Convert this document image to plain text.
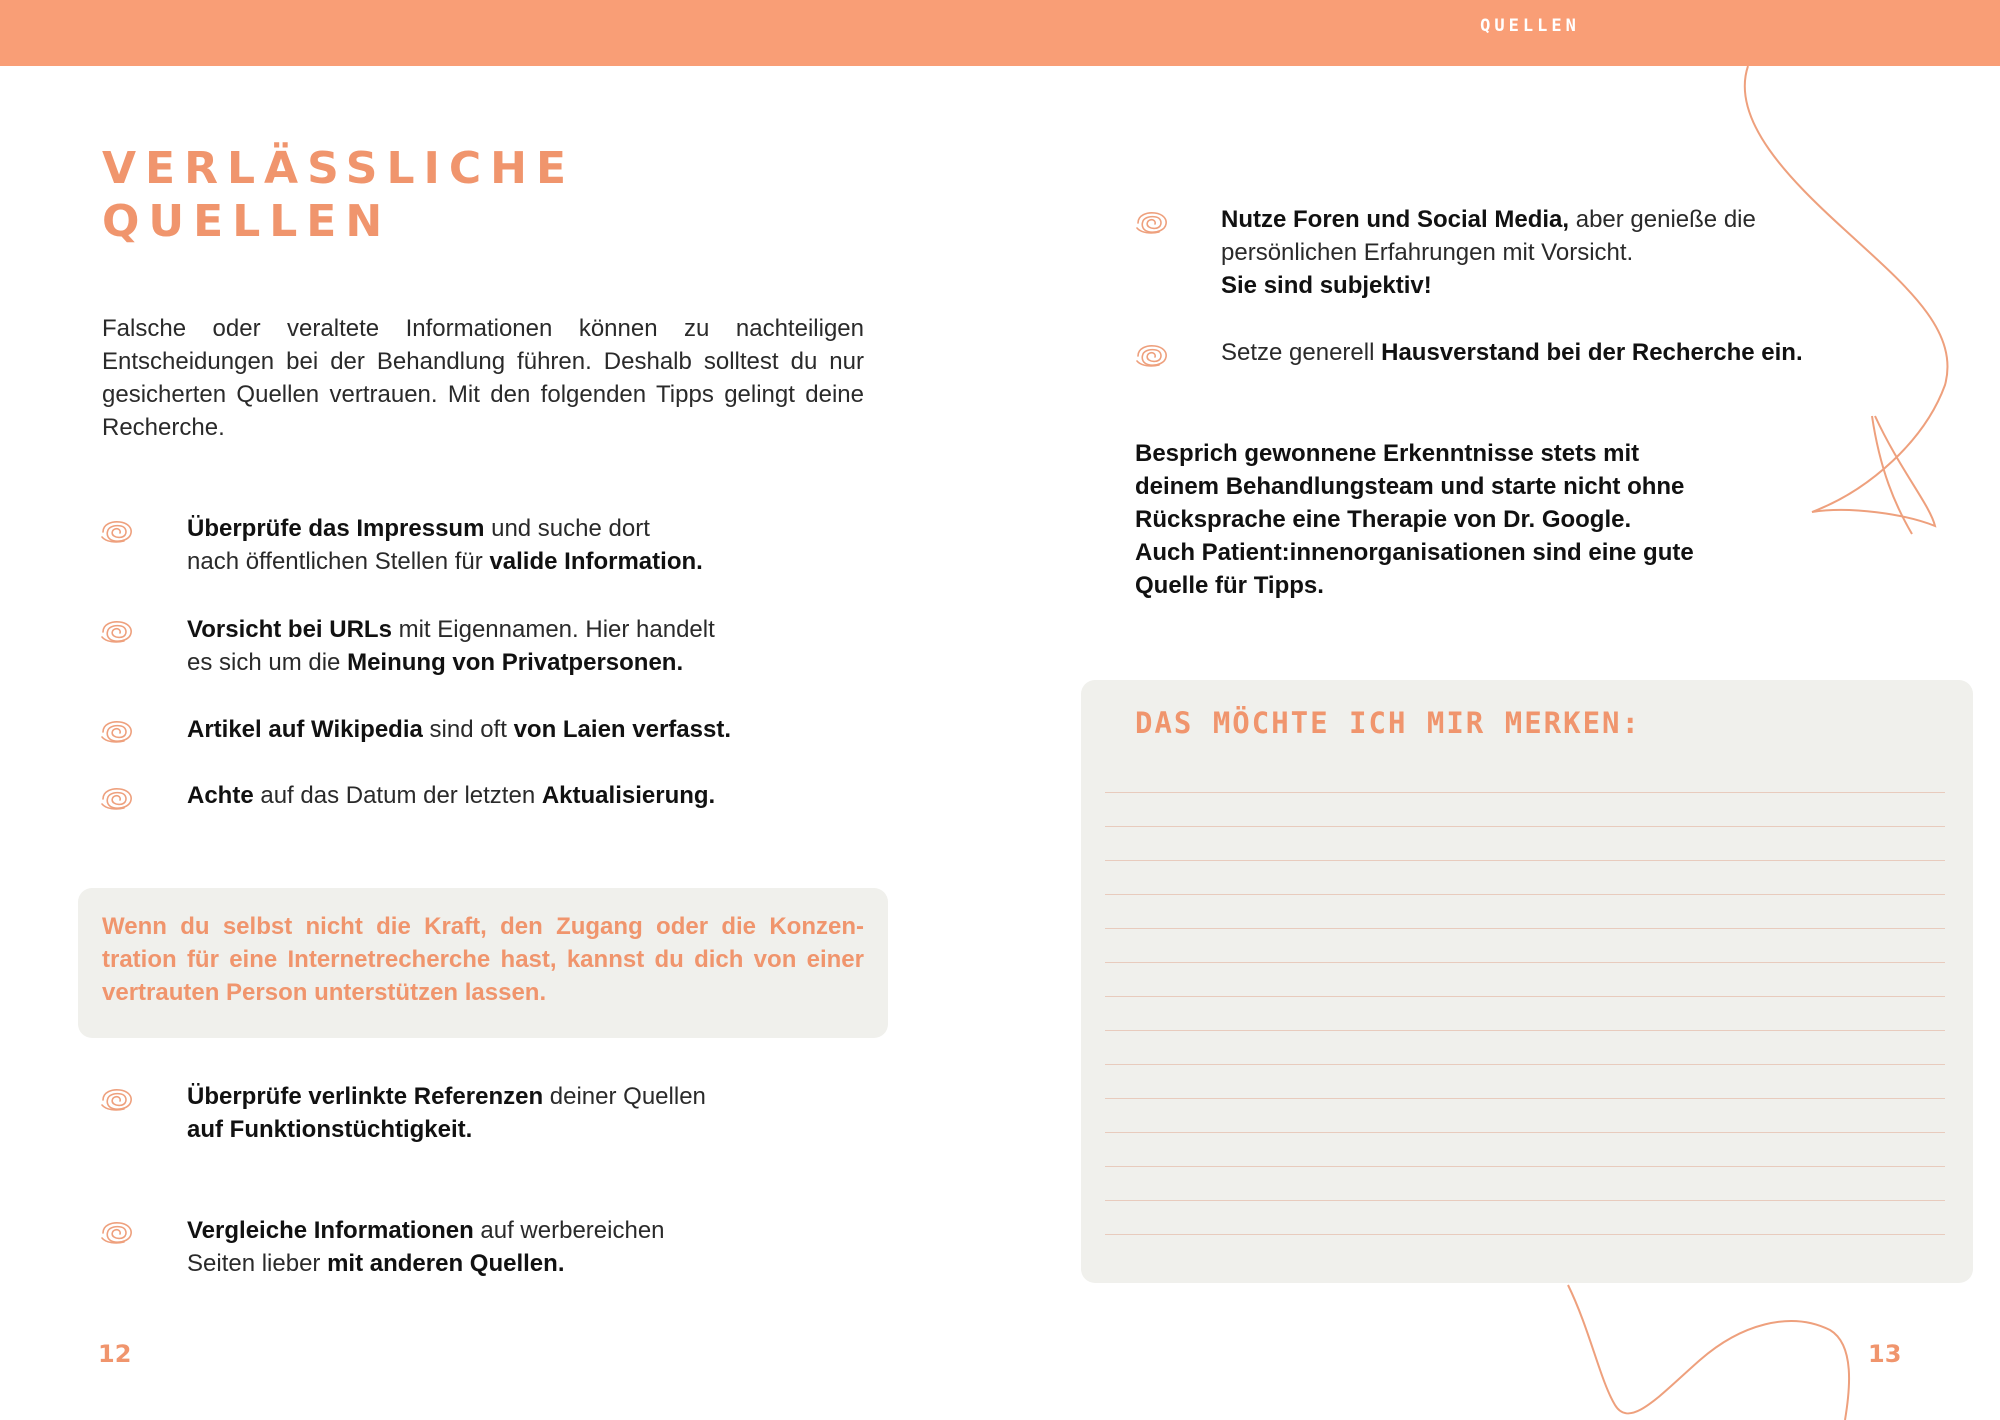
QUELLEN
VERLÄSSLICHE
QUELLEN

Falsche oder veraltete Informationen können zu nachteiligen Entscheidungen bei der Behandlung führen. Deshalb solltest du nur gesicherten Quellen vertrauen. Mit den folgenden Tipps gelingt deine Recherche.

Überprüfe das Impressum und suche dort
nach öffentlichen Stellen für valide Information.
Vorsicht bei URLs mit Eigennamen. Hier handelt
es sich um die Meinung von Privatpersonen.
Artikel auf Wikipedia sind oft von Laien verfasst.
Achte auf das Datum der letzten Aktualisierung.

Wenn du selbst nicht die Kraft, den Zugang oder die Konzentration für eine Internetrecherche hast, kannst du dich von einer vertrauten Person unterstützen lassen.

Überprüfe verlinkte Referenzen deiner Quellen
auf Funktionstüchtigkeit.
Vergleiche Informationen auf werbereichen
Seiten lieber mit anderen Quellen.
12
Nutze Foren und Social Media, aber genieße die
persönlichen Erfahrungen mit Vorsicht.
Sie sind subjektiv!
Setze generell Hausverstand bei der Recherche ein.

Besprich gewonnene Erkenntnisse stets mit
deinem Behandlungsteam und starte nicht ohne
Rücksprache eine Therapie von Dr. Google.
Auch Patient:innenorganisationen sind eine gute
Quelle für Tipps.

DAS MÖCHTE ICH MIR MERKEN:
13
